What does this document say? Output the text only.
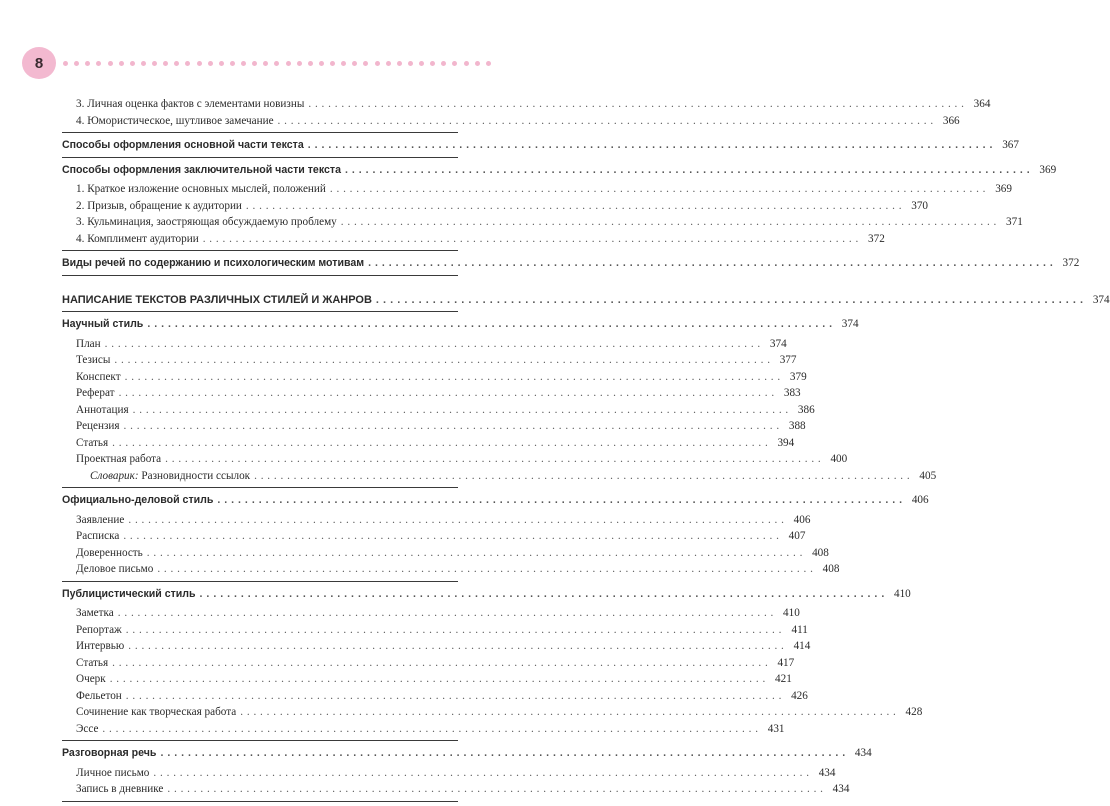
8
3. Личная оценка фактов с элементами новизны . . .	364
4. Юмористическое, шутливое замечание . . .	366
Способы оформления основной части текста . . .	367
Способы оформления заключительной части текста . . .	369
1. Краткое изложение основных мыслей, положений . . .	369
2. Призыв, обращение к аудитории . . .	370
3. Кульминация, заостряющая обсуждаемую проблему . . .	371
4. Комплимент аудитории . . .	372
Виды речей по содержанию и психологическим мотивам . . .	372
НАПИСАНИЕ ТЕКСТОВ РАЗЛИЧНЫХ СТИЛЕЙ И ЖАНРОВ . . .	374
Научный стиль . . .	374
План . . .	374
Тезисы . . .	377
Конспект . . .	379
Реферат . . .	383
Аннотация . . .	386
Рецензия . . .	388
Статья . . .	394
Проектная работа . . .	400
Словарик: Разновидности ссылок . . .	405
Официально-деловой стиль . . .	406
Заявление . . .	406
Расписка . . .	407
Доверенность . . .	408
Деловое письмо . . .	408
Публицистический стиль . . .	410
Заметка . . .	410
Репортаж . . .	411
Интервью . . .	414
Статья . . .	417
Очерк . . .	421
Фельетон . . .	426
Сочинение как творческая работа . . .	428
Эссе . . .	431
Разговорная речь . . .	434
Личное письмо . . .	434
Запись в дневнике . . .	434
